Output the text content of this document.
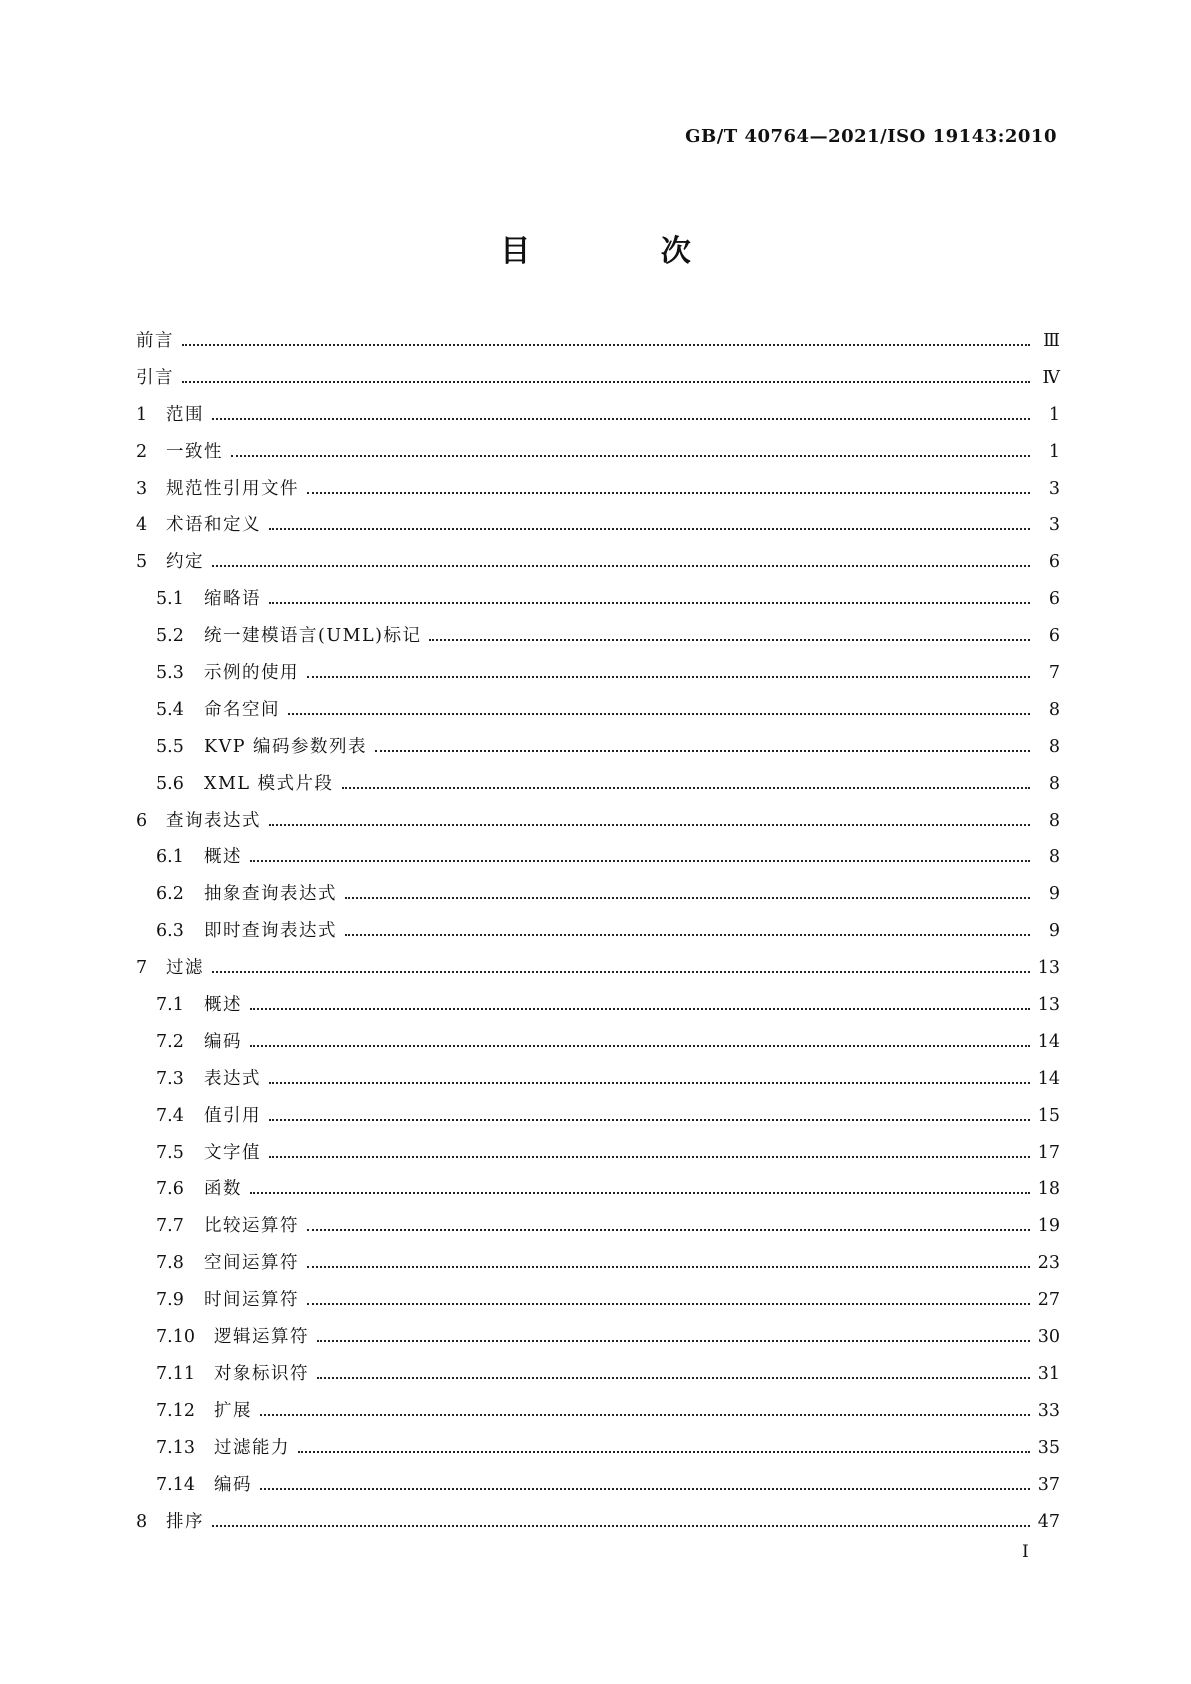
GB/T 40764—2021/ISO 19143:2010
目 次
前言	Ⅲ
引言	Ⅳ
1	范围	1
2	一致性	1
3	规范性引用文件	3
4	术语和定义	3
5	约定	6
5.1	缩略语	6
5.2	统一建模语言(UML)标记	6
5.3	示例的使用	7
5.4	命名空间	8
5.5	KVP 编码参数列表	8
5.6	XML 模式片段	8
6	查询表达式	8
6.1	概述	8
6.2	抽象查询表达式	9
6.3	即时查询表达式	9
7	过滤	13
7.1	概述	13
7.2	编码	14
7.3	表达式	14
7.4	值引用	15
7.5	文字值	17
7.6	函数	18
7.7	比较运算符	19
7.8	空间运算符	23
7.9	时间运算符	27
7.10	逻辑运算符	30
7.11	对象标识符	31
7.12	扩展	33
7.13	过滤能力	35
7.14	编码	37
8	排序	47
I
